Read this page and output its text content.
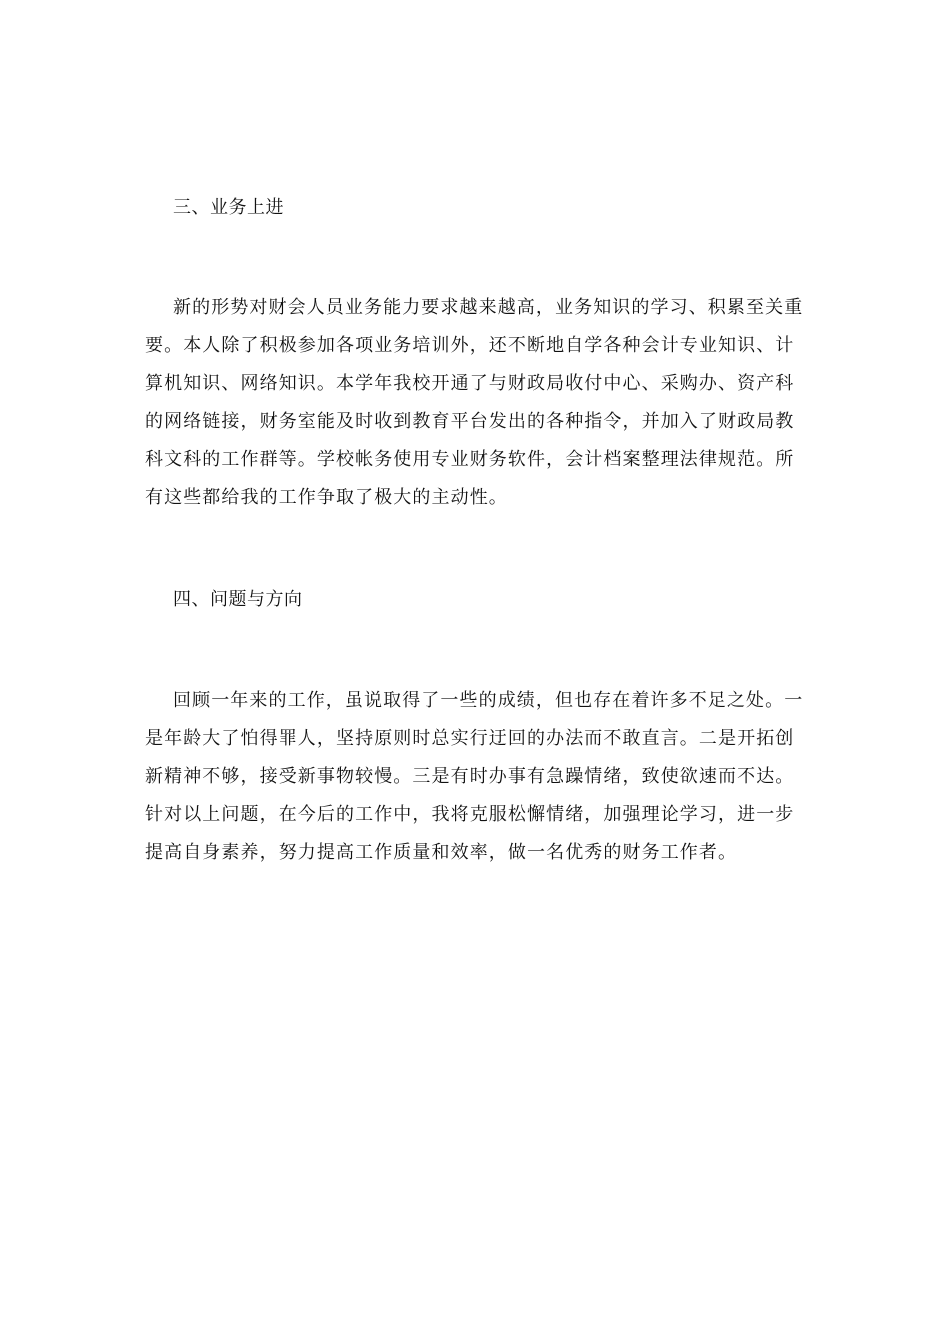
三、业务上进
新的形势对财会人员业务能力要求越来越高，业务知识的学习、积累至关重
要。本人除了积极参加各项业务培训外，还不断地自学各种会计专业知识、计
算机知识、网络知识。本学年我校开通了与财政局收付中心、采购办、资产科
的网络链接，财务室能及时收到教育平台发出的各种指令，并加入了财政局教
科文科的工作群等。学校帐务使用专业财务软件，会计档案整理法律规范。所
有这些都给我的工作争取了极大的主动性。
四、问题与方向
回顾一年来的工作，虽说取得了一些的成绩，但也存在着许多不足之处。一
是年龄大了怕得罪人，坚持原则时总实行迂回的办法而不敢直言。二是开拓创
新精神不够，接受新事物较慢。三是有时办事有急躁情绪，致使欲速而不达。
针对以上问题，在今后的工作中，我将克服松懈情绪，加强理论学习，进一步
提高自身素养，努力提高工作质量和效率，做一名优秀的财务工作者。
